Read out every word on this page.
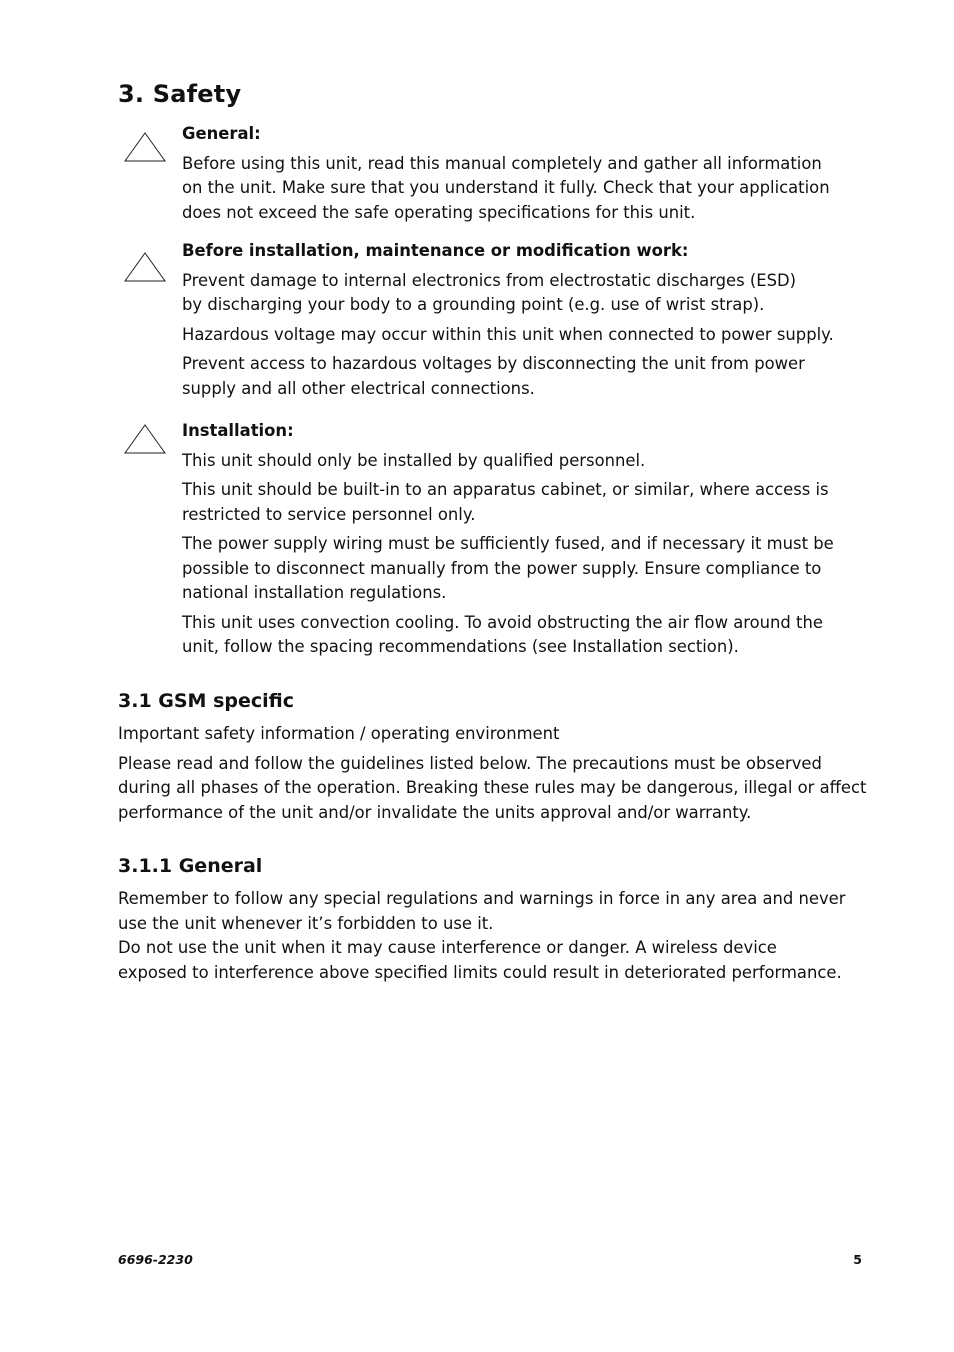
3. Safety

General:

Before using this unit, read this manual completely and gather all information
on the unit. Make sure that you understand it fully. Check that your application
does not exceed the safe operating specifications for this unit.

Before installation, maintenance or modification work:

Prevent damage to internal electronics from electrostatic discharges (ESD)
by discharging your body to a grounding point (e.g. use of wrist strap).

Hazardous voltage may occur within this unit when connected to power supply.

Prevent access to hazardous voltages by disconnecting the unit from power
supply and all other electrical connections.

Installation:

This unit should only be installed by qualified personnel.

This unit should be built-in to an apparatus cabinet, or similar, where access is
restricted to service personnel only.

The power supply wiring must be sufficiently fused, and if necessary it must be
possible to disconnect manually from the power supply. Ensure compliance to
national installation regulations.

This unit uses convection cooling. To avoid obstructing the air flow around the
unit, follow the spacing recommendations (see Installation section).

3.1 GSM specific

Important safety information / operating environment

Please read and follow the guidelines listed below. The precautions must be observed
during all phases of the operation. Breaking these rules may be dangerous, illegal or affect
performance of the unit and/or invalidate the units approval and/or warranty.

3.1.1 General

Remember to follow any special regulations and warnings in force in any area and never
use the unit whenever it’s forbidden to use it.
Do not use the unit when it may cause interference or danger. A wireless device
exposed to interference above specified limits could result in deteriorated performance.

6696-2230	5
